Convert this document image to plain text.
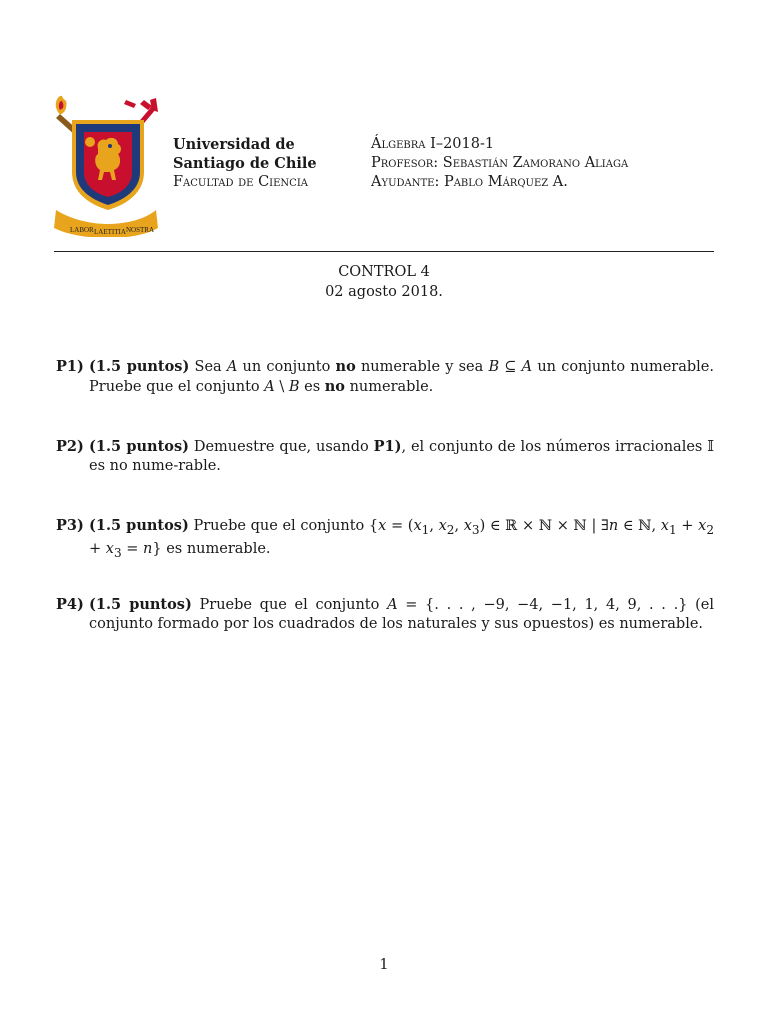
LABOR LAETITIA NOSTRA
Universidad de
Santiago de Chile
Facultad de Ciencia
Álgebra I–2018-1
Profesor: Sebastián Zamorano Aliaga
Ayudante: Pablo Márquez A.
CONTROL 4
02 agosto 2018.
P1) (1.5 puntos) Sea A un conjunto no numerable y sea B ⊆ A un conjunto numerable. Pruebe que el conjunto A \ B es no numerable.
P2) (1.5 puntos) Demuestre que, usando P1), el conjunto de los números irracionales 𝕀 es no nume-rable.
P3) (1.5 puntos) Pruebe que el conjunto {$x = (x_1$, $x_2$, $x_3$) ∈ ℝ × ℕ × ℕ | ∃n ∈ ℕ, $x_1 + x_2 + x_3 = n$} es numerable.
P4) (1.5 puntos) Pruebe que el conjunto A = {. . . , −9, −4, −1, 1, 4, 9, . . .} (el conjunto formado por los cuadrados de los naturales y sus opuestos) es numerable.
1
